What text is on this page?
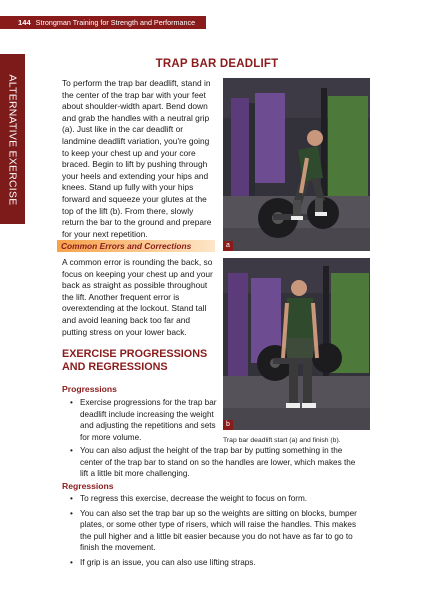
144 Strongman Training for Strength and Performance
ALTERNATIVE EXERCISE
TRAP BAR DEADLIFT

To perform the trap bar deadlift, stand in the center of the trap bar with your feet about shoulder-width apart. Bend down and grab the handles with a neutral grip (a). Just like in the car deadlift or landmine deadlift variation, you're going to keep your chest up and your core braced. Begin to lift by pushing through your heels and extending your hips and knees. Stand up fully with your hips forward and squeeze your glutes at the top of the lift (b). From there, slowly return the bar to the ground and prepare for your next repetition.

Common Errors and Corrections

A common error is rounding the back, so focus on keeping your chest up and your back as straight as possible throughout the lift. Another frequent error is overextending at the lockout. Stand tall and avoid leaning back too far and putting stress on your lower back.

EXERCISE PROGRESSIONS AND REGRESSIONS
Progressions
• Exercise progressions for the trap bar deadlift include increasing the weight and adjusting the repetitions and sets for more volume.
• You can also adjust the height of the trap bar by putting something in the center of the trap bar to stand on so the handles are lower, which makes the lift a little bit more challenging.
Regressions
• To regress this exercise, decrease the weight to focus on form.
• You can also set the trap bar up so the weights are sitting on blocks, bumper plates, or some other type of risers, which will raise the handles. This makes the pull higher and a little bit easier because you do not have as far to go to finish the movement.
• If grip is an issue, you can also use lifting straps.
a
b
Trap bar deadlift start (a) and finish (b).
